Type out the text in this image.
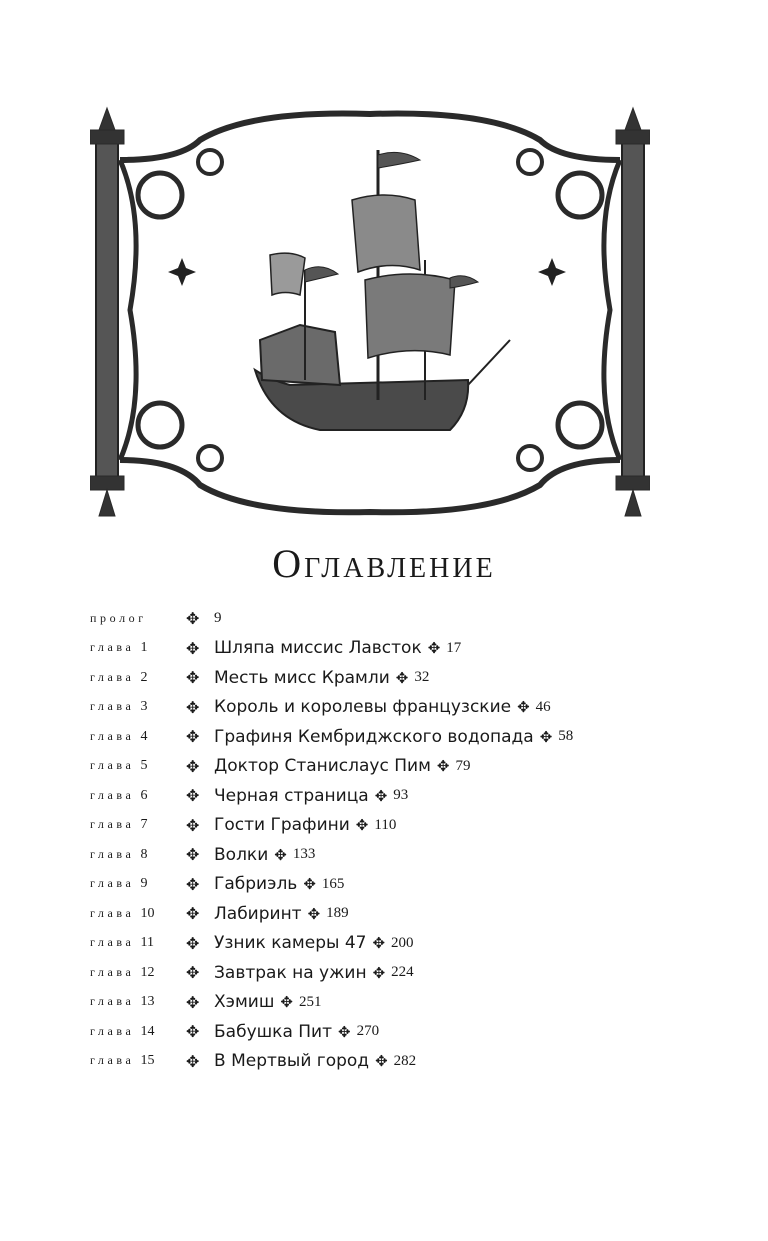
Оглавление
пролог ✥ 9
глава 1 ✥ Шляпа миссис Лавсток ✥ 17
глава 2 ✥ Месть мисс Крамли ✥ 32
глава 3 ✥ Король и королевы французские ✥ 46
глава 4 ✥ Графиня Кембриджского водопада ✥ 58
глава 5 ✥ Доктор Станислаус Пим ✥ 79
глава 6 ✥ Черная страница ✥ 93
глава 7 ✥ Гости Графини ✥ 110
глава 8 ✥ Волки ✥ 133
глава 9 ✥ Габриэль ✥ 165
глава 10 ✥ Лабиринт ✥ 189
глава 11 ✥ Узник камеры 47 ✥ 200
глава 12 ✥ Завтрак на ужин ✥ 224
глава 13 ✥ Хэмиш ✥ 251
глава 14 ✥ Бабушка Пит ✥ 270
глава 15 ✥ В Мертвый город ✥ 282
